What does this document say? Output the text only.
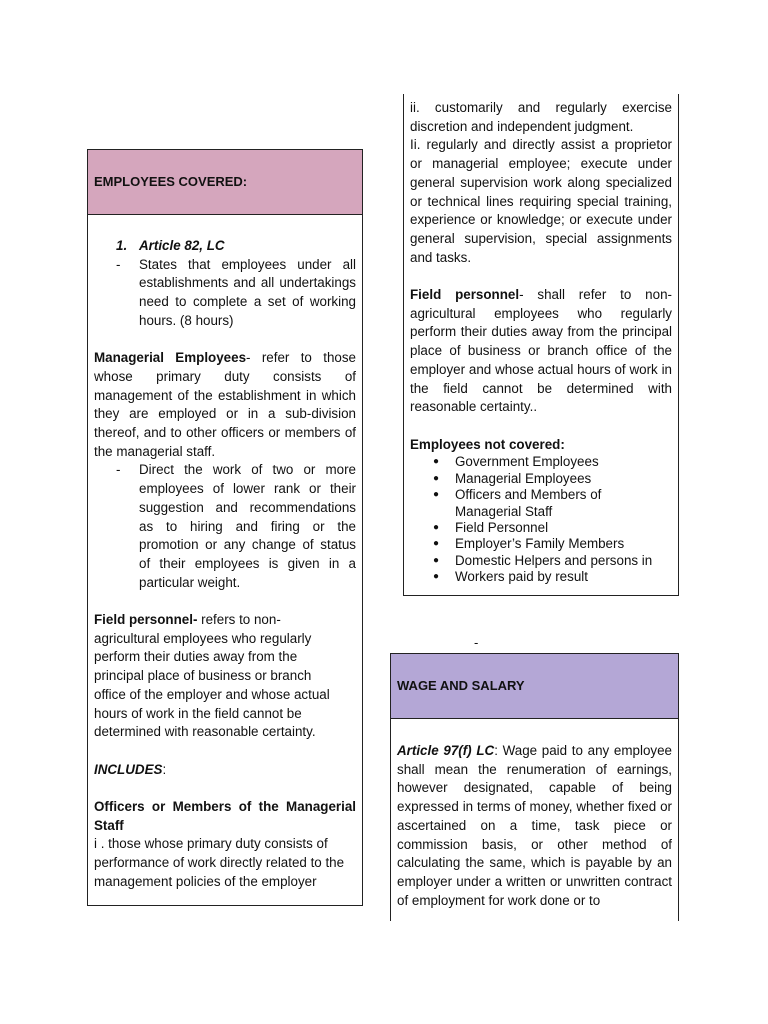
EMPLOYEES COVERED:
1. Article 82, LC
- States that employees under all establishments and all undertakings need to complete a set of working hours. (8 hours)

Managerial Employees- refer to those whose primary duty consists of management of the establishment in which they are employed or in a sub-division thereof, and to other officers or members of the managerial staff.

- Direct the work of two or more employees of lower rank or their suggestion and recommendations as to hiring and firing or the promotion or any change of status of their employees is given in a particular weight.

Field personnel- refers to non-agricultural employees who regularly perform their duties away from the principal place of business or branch office of the employer and whose actual hours of work in the field cannot be determined with reasonable certainty.

INCLUDES:

Officers or Members of the Managerial Staff

i . those whose primary duty consists of performance of work directly related to the management policies of the employer

ii. customarily and regularly exercise discretion and independent judgment.

Ii. regularly and directly assist a proprietor or managerial employee; execute under general supervision work along specialized or technical lines requiring special training, experience or knowledge; or execute under general supervision, special assignments and tasks.

Field personnel- shall refer to non-agricultural employees who regularly perform their duties away from the principal place of business or branch office of the employer and whose actual hours of work in the field cannot be determined with reasonable certainty..

Employees not covered:

● Government Employees
● Managerial Employees
● Officers and Members of Managerial Staff
● Field Personnel
● Employer’s Family Members
● Domestic Helpers and persons in
● Workers paid by result
-
WAGE AND SALARY

Article 97(f) LC: Wage paid to any employee shall mean the renumeration of earnings, however designated, capable of being expressed in terms of money, whether fixed or ascertained on a time, task piece or commission basis, or other method of calculating the same, which is payable by an employer under a written or unwritten contract of employment for work done or to
